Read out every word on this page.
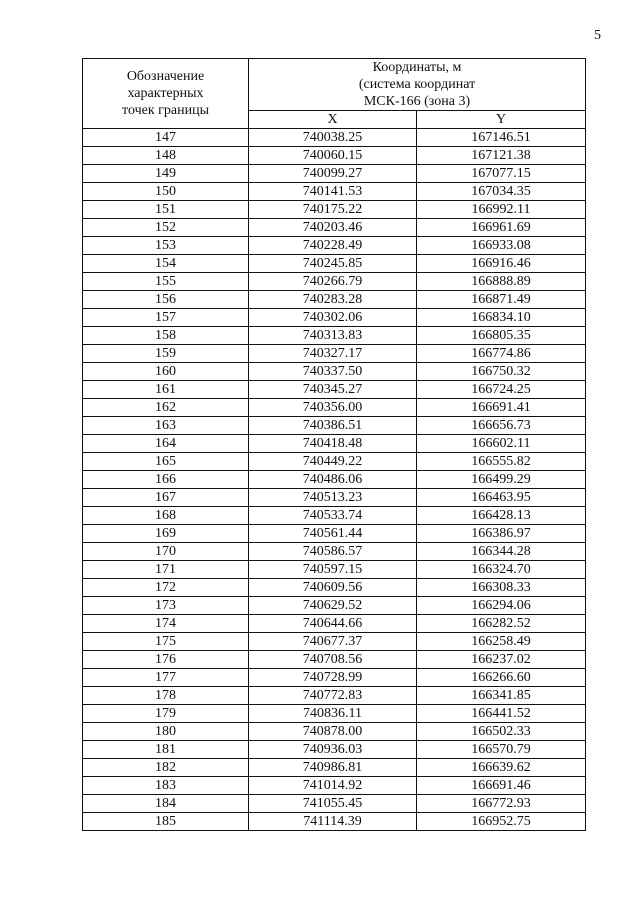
5
Обозначение
характерных
точек границы	Координаты, м
(система координат
МСК-166 (зона 3)	

	X	Y
147	740038.25	167146.51
148	740060.15	167121.38
149	740099.27	167077.15
150	740141.53	167034.35
151	740175.22	166992.11
152	740203.46	166961.69
153	740228.49	166933.08
154	740245.85	166916.46
155	740266.79	166888.89
156	740283.28	166871.49
157	740302.06	166834.10
158	740313.83	166805.35
159	740327.17	166774.86
160	740337.50	166750.32
161	740345.27	166724.25
162	740356.00	166691.41
163	740386.51	166656.73
164	740418.48	166602.11
165	740449.22	166555.82
166	740486.06	166499.29
167	740513.23	166463.95
168	740533.74	166428.13
169	740561.44	166386.97
170	740586.57	166344.28
171	740597.15	166324.70
172	740609.56	166308.33
173	740629.52	166294.06
174	740644.66	166282.52
175	740677.37	166258.49
176	740708.56	166237.02
177	740728.99	166266.60
178	740772.83	166341.85
179	740836.11	166441.52
180	740878.00	166502.33
181	740936.03	166570.79
182	740986.81	166639.62
183	741014.92	166691.46
184	741055.45	166772.93
185	741114.39	166952.75
